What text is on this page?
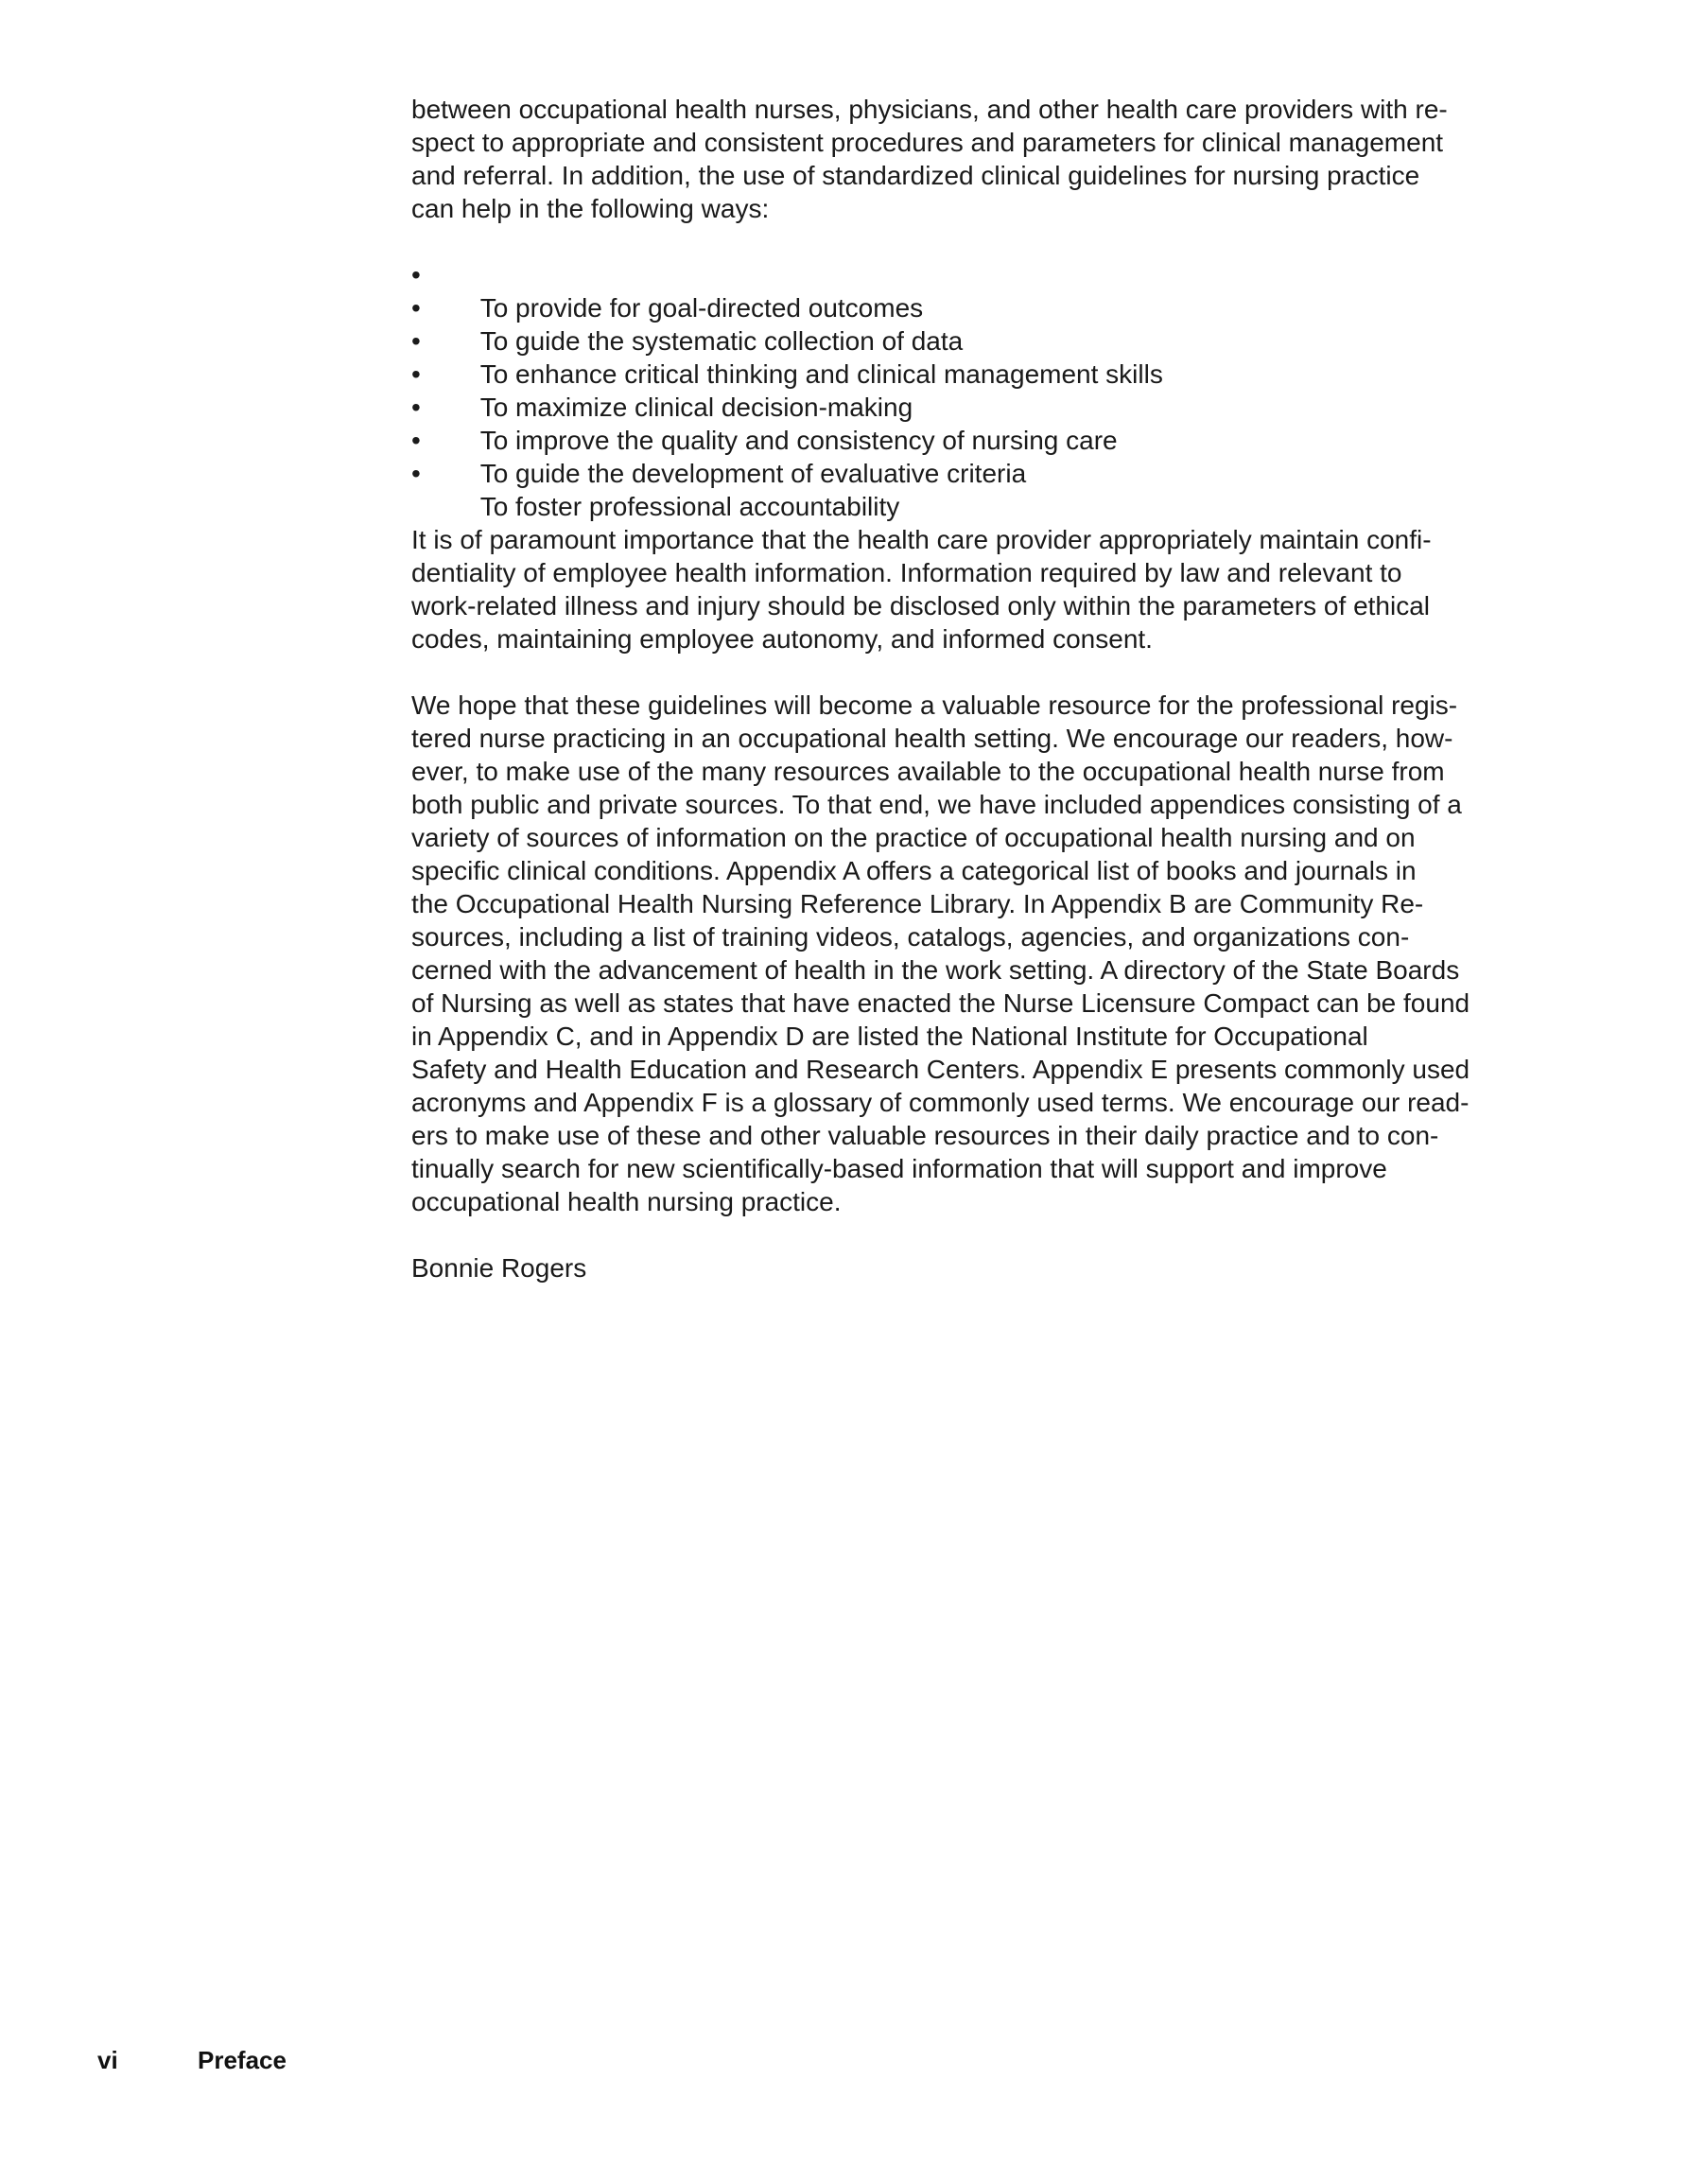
between occupational health nurses, physicians, and other health care providers with re-
spect to appropriate and consistent procedures and parameters for clinical management
and referral. In addition, the use of standardized clinical guidelines for nursing practice
can help in the following ways:

•
To provide for goal-directed outcomes

•
To guide the systematic collection of data

•
To enhance critical thinking and clinical management skills

•
To maximize clinical decision-making

•
To improve the quality and consistency of nursing care

•
To guide the development of evaluative criteria

•
To foster professional accountability

It is of paramount importance that the health care provider appropriately maintain confi-
dentiality of employee health information. Information required by law and relevant to
work-related illness and injury should be disclosed only within the parameters of ethical
codes, maintaining employee autonomy, and informed consent.
We hope that these guidelines will become a valuable resource for the professional regis-
tered nurse practicing in an occupational health setting. We encourage our readers, how-
ever, to make use of the many resources available to the occupational health nurse from
both public and private sources. To that end, we have included appendices consisting of a
variety of sources of information on the practice of occupational health nursing and on
specific clinical conditions. Appendix A offers a categorical list of books and journals in
the Occupational Health Nursing Reference Library. In Appendix B are Community Re-
sources, including a list of training videos, catalogs, agencies, and organizations con-
cerned with the advancement of health in the work setting. A directory of the State Boards
of Nursing as well as states that have enacted the Nurse Licensure Compact can be found
in Appendix C, and in Appendix D are listed the National Institute for Occupational
Safety and Health Education and Research Centers. Appendix E presents commonly used
acronyms and Appendix F is a glossary of commonly used terms. We encourage our read-
ers to make use of these and other valuable resources in their daily practice and to con-
tinually search for new scientifically-based information that will support and improve
occupational health nursing practice.
Bonnie Rogers
vi	Preface
